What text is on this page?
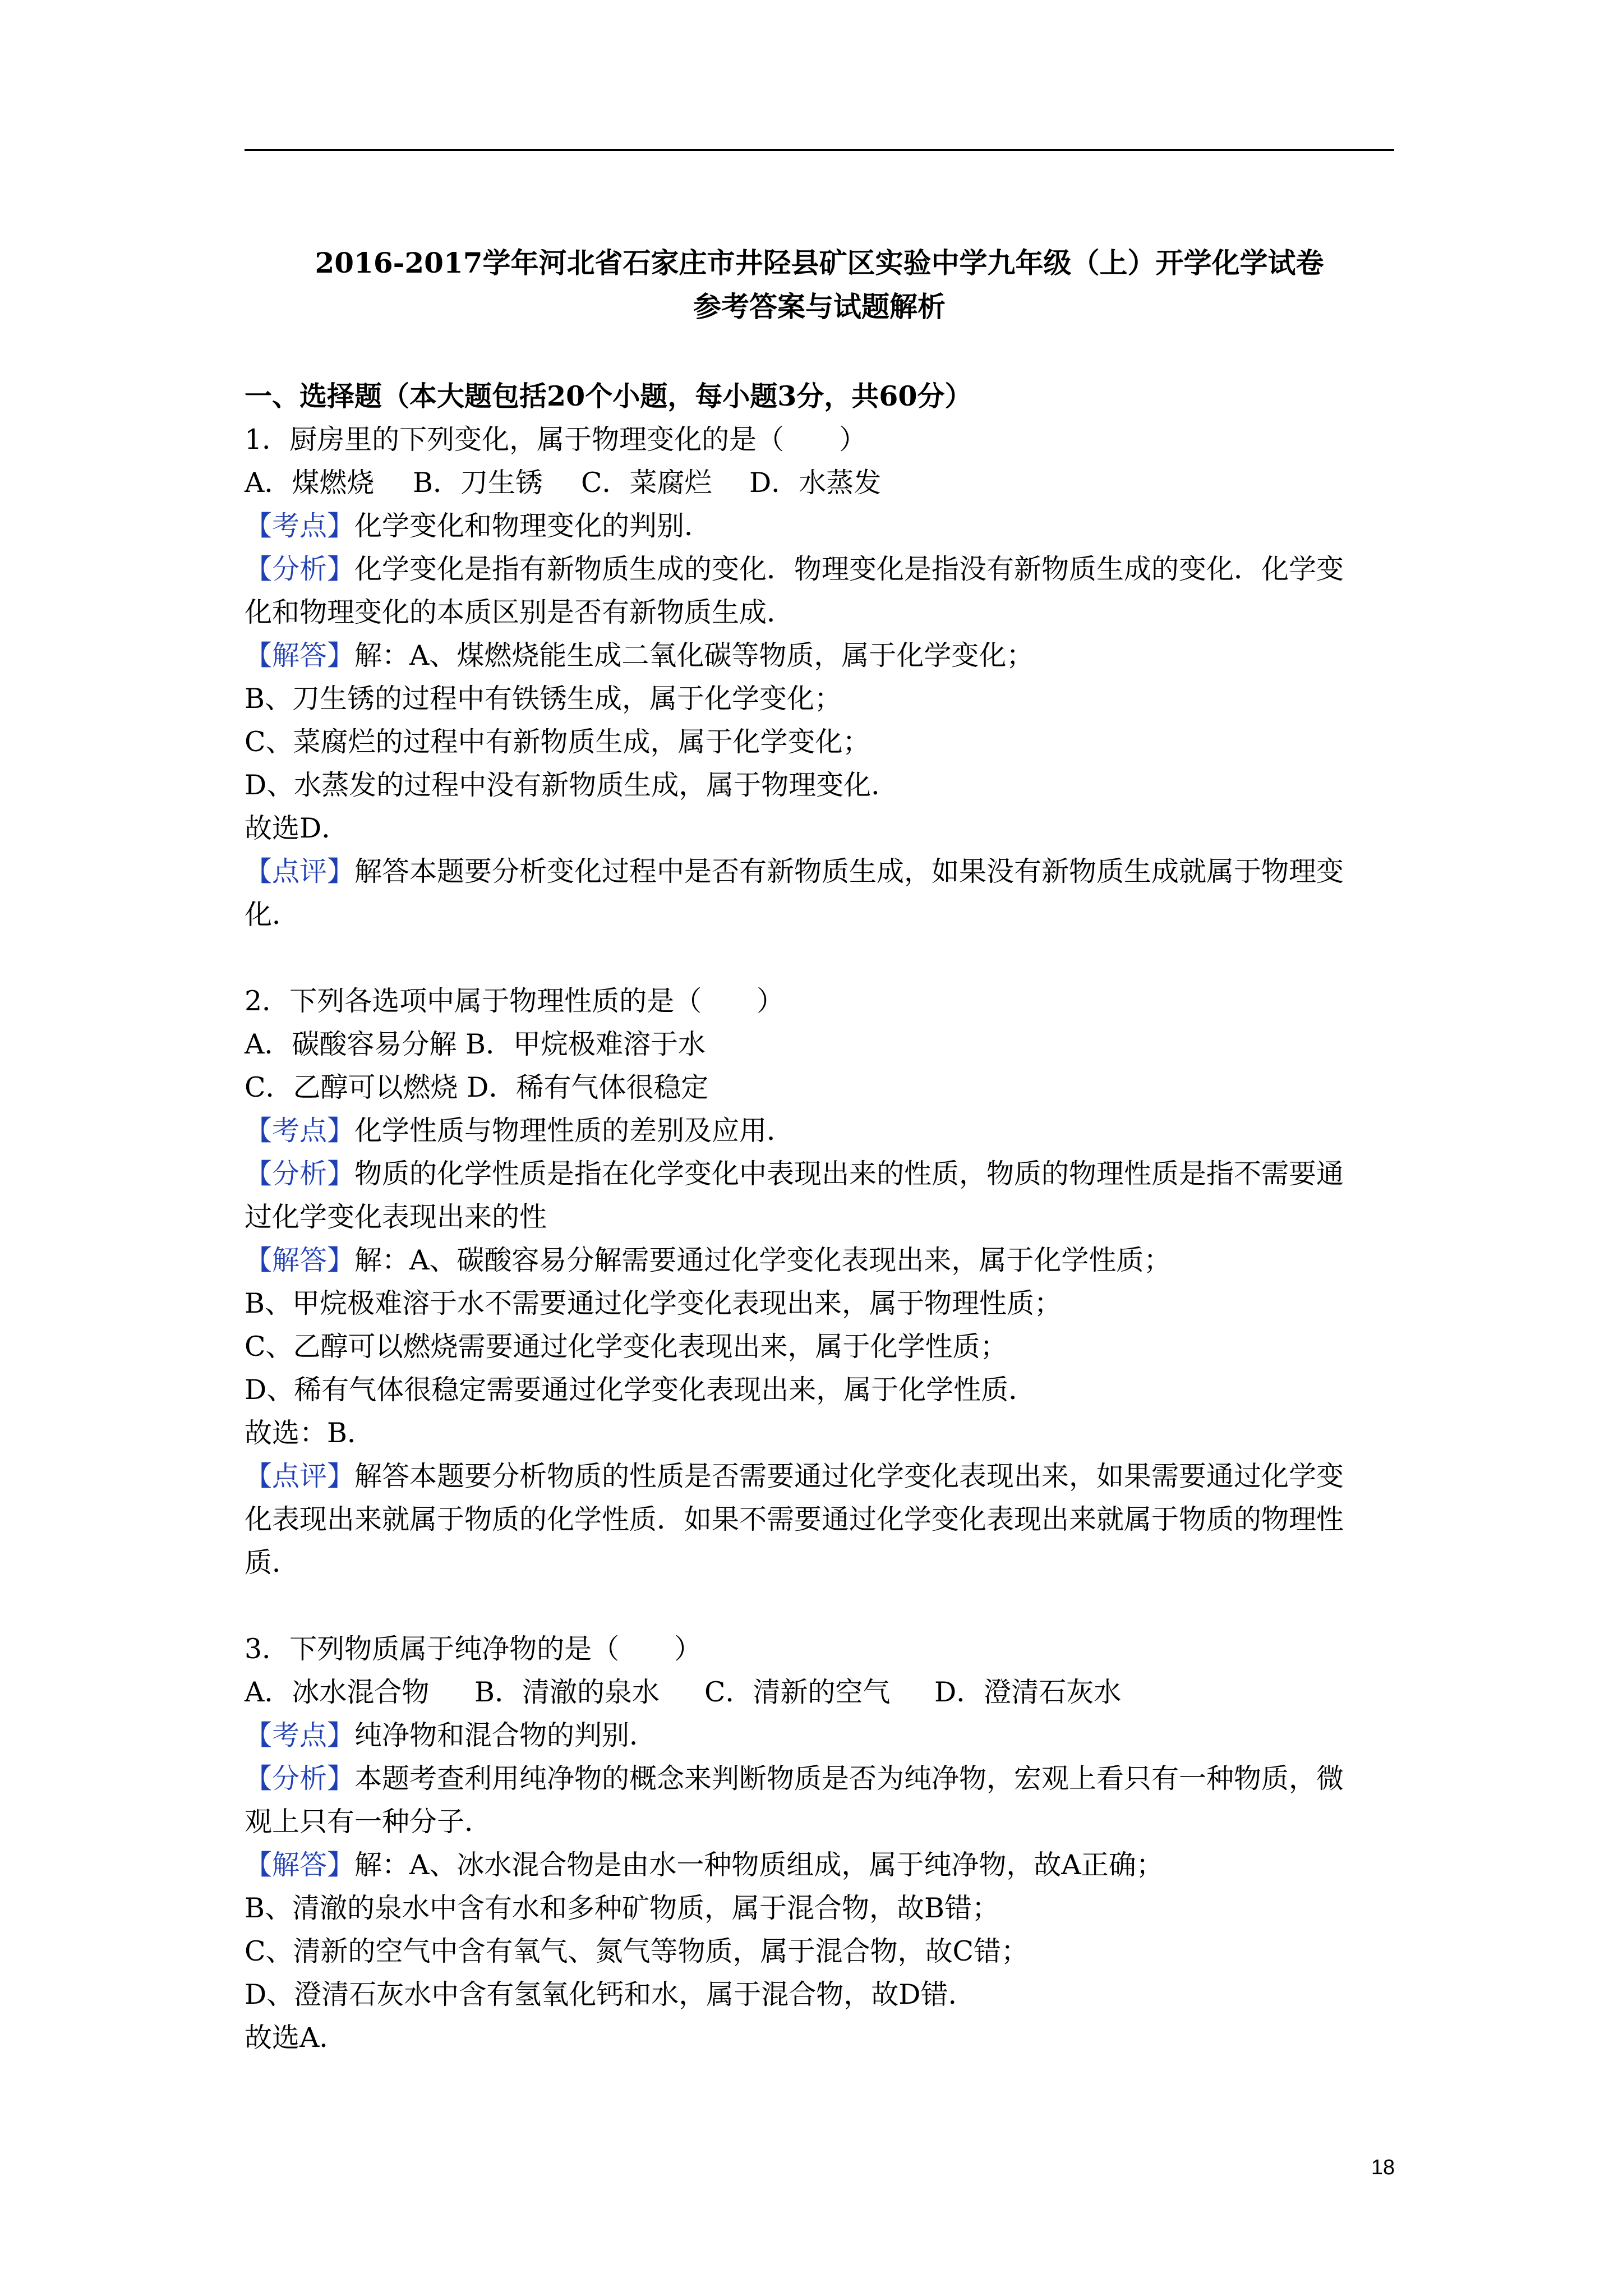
2016-2017学年河北省石家庄市井陉县矿区实验中学九年级（上）开学化学试卷
参考答案与试题解析
一、选择题（本大题包括20个小题，每小题3分，共60分）
1．厨房里的下列变化，属于物理变化的是（　　）
A．煤燃烧 B．刀生锈 C．菜腐烂 D．水蒸发
【考点】化学变化和物理变化的判别．
【分析】化学变化是指有新物质生成的变化．物理变化是指没有新物质生成的变化．化学变
化和物理变化的本质区别是否有新物质生成．
【解答】解：A、煤燃烧能生成二氧化碳等物质，属于化学变化；
B、刀生锈的过程中有铁锈生成，属于化学变化；
C、菜腐烂的过程中有新物质生成，属于化学变化；
D、水蒸发的过程中没有新物质生成，属于物理变化．
故选D．
【点评】解答本题要分析变化过程中是否有新物质生成，如果没有新物质生成就属于物理变
化．
2．下列各选项中属于物理性质的是（　　）
A．碳酸容易分解 B．甲烷极难溶于水
C．乙醇可以燃烧 D．稀有气体很稳定
【考点】化学性质与物理性质的差别及应用．
【分析】物质的化学性质是指在化学变化中表现出来的性质，物质的物理性质是指不需要通
过化学变化表现出来的性
【解答】解：A、碳酸容易分解需要通过化学变化表现出来，属于化学性质；
B、甲烷极难溶于水不需要通过化学变化表现出来，属于物理性质；
C、乙醇可以燃烧需要通过化学变化表现出来，属于化学性质；
D、稀有气体很稳定需要通过化学变化表现出来，属于化学性质．
故选：B．
【点评】解答本题要分析物质的性质是否需要通过化学变化表现出来，如果需要通过化学变
化表现出来就属于物质的化学性质．如果不需要通过化学变化表现出来就属于物质的物理性
质．
3．下列物质属于纯净物的是（　　）
A．冰水混合物 B．清澈的泉水 C．清新的空气 D．澄清石灰水
【考点】纯净物和混合物的判别．
【分析】本题考查利用纯净物的概念来判断物质是否为纯净物，宏观上看只有一种物质，微
观上只有一种分子．
【解答】解：A、冰水混合物是由水一种物质组成，属于纯净物，故A正确；
B、清澈的泉水中含有水和多种矿物质，属于混合物，故B错；
C、清新的空气中含有氧气、氮气等物质，属于混合物，故C错；
D、澄清石灰水中含有氢氧化钙和水，属于混合物，故D错．
故选A．
18
